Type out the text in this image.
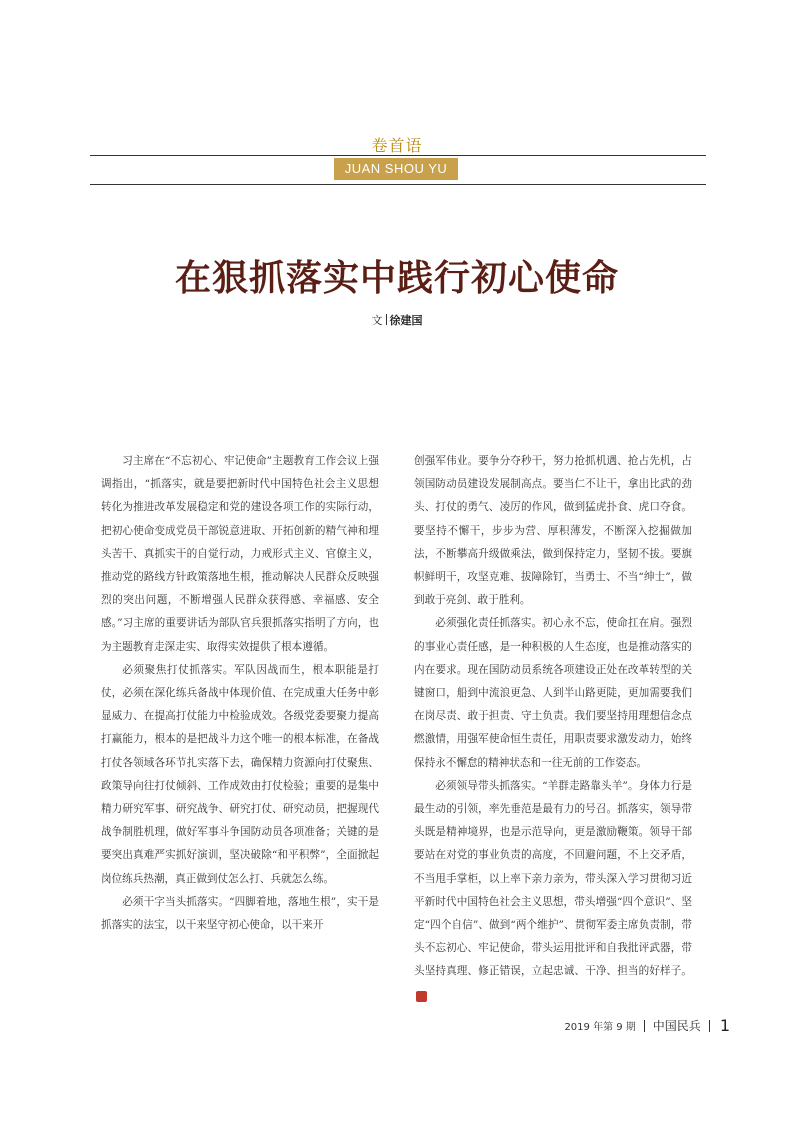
卷首语
JUAN SHOU YU
在狠抓落实中践行初心使命
文 徐建国

习主席在“不忘初心、牢记使命”主题教育工作会议上强调指出，“抓落实，就是要把新时代中国特色社会主义思想转化为推进改革发展稳定和党的建设各项工作的实际行动，把初心使命变成党员干部锐意进取、开拓创新的精气神和埋头苦干、真抓实干的自觉行动，力戒形式主义、官僚主义，推动党的路线方针政策落地生根，推动解决人民群众反映强烈的突出问题，不断增强人民群众获得感、幸福感、安全感。”习主席的重要讲话为部队官兵狠抓落实指明了方向，也为主题教育走深走实、取得实效提供了根本遵循。

必须聚焦打仗抓落实。军队因战而生，根本职能是打仗，必须在深化练兵备战中体现价值、在完成重大任务中彰显威力、在提高打仗能力中检验成效。各级党委要聚力提高打赢能力，根本的是把战斗力这个唯一的根本标准，在备战打仗各领域各环节扎实落下去，确保精力资源向打仗聚焦、政策导向往打仗倾斜、工作成效由打仗检验；重要的是集中精力研究军事、研究战争、研究打仗、研究动员，把握现代战争制胜机理，做好军事斗争国防动员各项准备；关键的是要突出真难严实抓好演训，坚决破除“和平积弊”，全面掀起岗位练兵热潮，真正做到仗怎么打、兵就怎么练。

必须干字当头抓落实。“四脚着地，落地生根”，实干是抓落实的法宝，以干来坚守初心使命，以干来开

创强军伟业。要争分夺秒干，努力抢抓机遇、抢占先机，占领国防动员建设发展制高点。要当仁不让干，拿出比武的劲头、打仗的勇气、凌厉的作风，做到猛虎扑食、虎口夺食。要坚持不懈干，步步为营、厚积薄发，不断深入挖掘做加法，不断攀高升级做乘法，做到保持定力，坚韧不拔。要旗帜鲜明干，攻坚克难、拔障除钉，当勇士、不当“绅士”，做到敢于亮剑、敢于胜利。

必须强化责任抓落实。初心永不忘，使命扛在肩。强烈的事业心责任感，是一种积极的人生态度，也是推动落实的内在要求。现在国防动员系统各项建设正处在改革转型的关键窗口，船到中流浪更急、人到半山路更陡，更加需要我们在岗尽责、敢于担责、守土负责。我们要坚持用理想信念点燃激情，用强军使命恒生责任，用职责要求激发动力，始终保持永不懈怠的精神状态和一往无前的工作姿态。

必须领导带头抓落实。“羊群走路靠头羊”。身体力行是最生动的引领，率先垂范是最有力的号召。抓落实，领导带头既是精神境界，也是示范导向，更是激励鞭策。领导干部要站在对党的事业负责的高度，不回避问题，不上交矛盾，不当甩手掌柜，以上率下亲力亲为，带头深入学习贯彻习近平新时代中国特色社会主义思想，带头增强“四个意识”、坚定“四个自信”、做到“两个维护”、贯彻军委主席负责制，带头不忘初心、牢记使命，带头运用批评和自我批评武器，带头坚持真理、修正错误，立起忠诚、干净、担当的好样子。◆

2019 年第 9 期 中国民兵 1
